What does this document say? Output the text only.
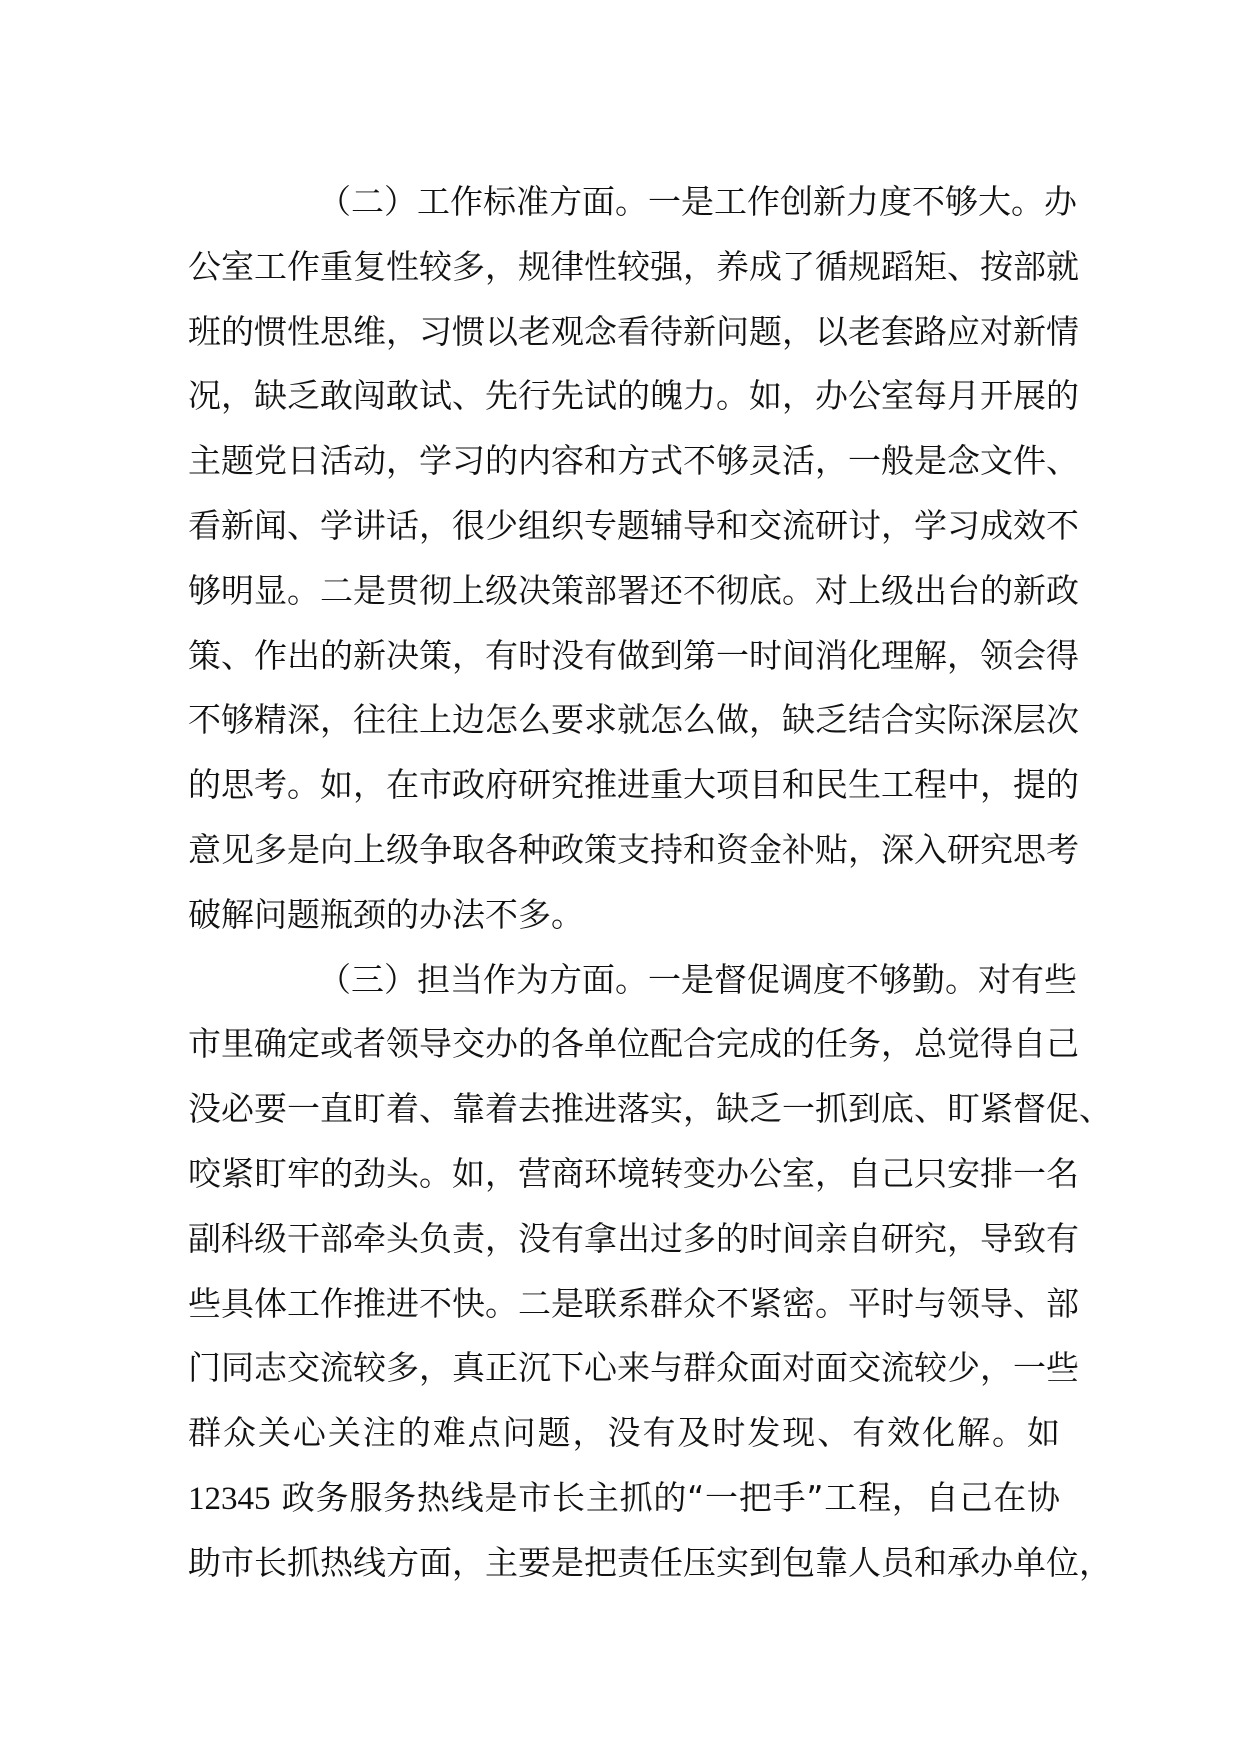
（二）工作标准方面。一是工作创新力度不够大。办
公室工作重复性较多，规律性较强，养成了循规蹈矩、按部就
班的惯性思维，习惯以老观念看待新问题，以老套路应对新情
况，缺乏敢闯敢试、先行先试的魄力。如，办公室每月开展的
主题党日活动，学习的内容和方式不够灵活，一般是念文件、
看新闻、学讲话，很少组织专题辅导和交流研讨，学习成效不
够明显。二是贯彻上级决策部署还不彻底。对上级出台的新政
策、作出的新决策，有时没有做到第一时间消化理解，领会得
不够精深，往往上边怎么要求就怎么做，缺乏结合实际深层次
的思考。如，在市政府研究推进重大项目和民生工程中，提的
意见多是向上级争取各种政策支持和资金补贴，深入研究思考
破解问题瓶颈的办法不多。
（三）担当作为方面。一是督促调度不够勤。对有些
市里确定或者领导交办的各单位配合完成的任务，总觉得自己
没必要一直盯着、靠着去推进落实，缺乏一抓到底、盯紧督促、
咬紧盯牢的劲头。如，营商环境转变办公室，自己只安排一名
副科级干部牵头负责，没有拿出过多的时间亲自研究，导致有
些具体工作推进不快。二是联系群众不紧密。平时与领导、部
门同志交流较多，真正沉下心来与群众面对面交流较少，一些
群众关心关注的难点问题，没有及时发现、有效化解。如
12345 政务服务热线是市长主抓的“一把手”工程，自己在协
助市长抓热线方面，主要是把责任压实到包靠人员和承办单位，
